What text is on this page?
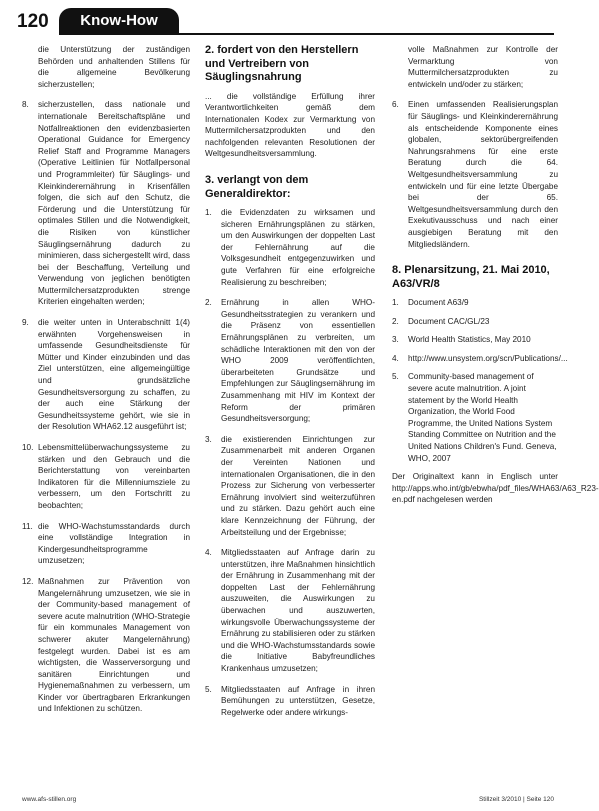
120	Know-How
die Unterstützung der zuständigen Behörden und anhaltenden Stillens für die allgemeine Bevölkerung sicherzustellen;
8. sicherzustellen, dass nationale und internationale Bereitschaftspläne und Notfallreaktionen den evidenzbasierten Operational Guidance for Emergency Relief Staff and Programme Managers (Operative Leitlinien für Notfallpersonal und Programmleiter) für Säuglings- und Kleinkinderernährung in Krisenfällen folgen, die sich auf den Schutz, die Förderung und die Unterstützung für optimales Stillen und die Notwendigkeit, die Risiken von künstlicher Säuglingsernährung dadurch zu minimieren, dass sichergestellt wird, dass bei der Beschaffung, Verteilung und Verwendung von jeglichen benötigten Muttermilchersatzprodukten strenge Kriterien eingehalten werden;
9. die weiter unten in Unterabschnitt 1(4) erwähnten Vorgehensweisen in umfassende Gesundheitsdienste für Mütter und Kinder einzubinden und das Ziel unterstützen, eine allgemeingültige und grundsätzliche Gesundheitsversorgung zu schaffen, zu der auch eine Stärkung der Gesundheitssysteme gehört, wie sie in der Resolution WHA62.12 ausgeführt ist;
10. Lebensmittelüberwachungssysteme zu stärken und den Gebrauch und die Berichterstattung von vereinbarten Indikatoren für die Millenniumsziele zu verbessern, um den Fortschritt zu beobachten;
11. die WHO-Wachstumsstandards durch eine vollständige Integration in Kindergesundheitsprogramme umzusetzen;
12. Maßnahmen zur Prävention von Mangelernährung umzusetzen, wie sie in der Community-based management of severe acute malnutrition (WHO-Strategie für ein kommunales Management von schwerer akuter Mangelernährung) festgelegt wurden. Dabei ist es am wichtigsten, die Wasserversorgung und sanitären Einrichtungen und Hygienemaßnahmen zu verbessern, um Kinder vor übertragbaren Erkrankungen und Infektionen zu schützen.
2. fordert von den Herstellern und Vertreibern von Säuglingsnahrung
... die vollständige Erfüllung ihrer Verantwortlichkeiten gemäß dem Internationalen Kodex zur Vermarktung von Muttermilchersatzprodukten und den nachfolgenden relevanten Resolutionen der Weltgesundheitsversammlung.
3. verlangt von dem Generaldirektor:
1. die Evidenzdaten zu wirksamen und sicheren Ernährungsplänen zu stärken, um den Auswirkungen der doppelten Last der Fehlernährung auf die Volksgesundheit entgegenzuwirken und gute Verfahren für eine erfolgreiche Realisierung zu beschreiben;
2. Ernährung in allen WHO-Gesundheitsstrategien zu verankern und die Präsenz von essentiellen Ernährungsplänen zu verbreiten, um schädliche Interaktionen mit den von der WHO 2009 veröffentlichten, überarbeiteten Grundsätze und Empfehlungen zur Säuglingsernährung im Zusammenhang mit HIV im Kontext der Reform der primären Gesundheitsversorgung;
3. die existierenden Einrichtungen zur Zusammenarbeit mit anderen Organen der Vereinten Nationen und internationalen Organisationen, die in den Prozess zur Sicherung von verbesserter Ernährung involviert sind weiterzuführen und zu stärken. Dazu gehört auch eine klare Kennzeichnung der Führung, der Arbeitsteilung und der Ergebnisse;
4. Mitgliedsstaaten auf Anfrage darin zu unterstützen, ihre Maßnahmen hinsichtlich der Ernährung in Zusammenhang mit der doppelten Last der Fehlernährung auszuweiten, die Auswirkungen zu überwachen und auszuwerten, wirkungsvolle Überwachungssysteme der Ernährung zu stabilisieren oder zu stärken und die WHO-Wachstumsstandards sowie die Initiative Babyfreundliches Krankenhaus umzusetzen;
5. Mitgliedsstaaten auf Anfrage in ihren Bemühungen zu unterstützen, Gesetze, Regelwerke oder andere wirkungs-
volle Maßnahmen zur Kontrolle der Vermarktung von Muttermilchersatzprodukten zu entwickeln und/oder zu stärken;
6. Einen umfassenden Realisierungsplan für Säuglings- und Kleinkinderernährung als entscheidende Komponente eines globalen, sektorübergreifenden Nahrungsrahmens für eine erste Beratung durch die 64. Weltgesundheitsversammlung zu entwickeln und für eine letzte Übergabe bei der 65. Weltgesundheitsversammlung durch den Exekutivausschuss und nach einer ausgiebigen Beratung mit den Mitgliedsländern.
8. Plenarsitzung, 21. Mai 2010, A63/VR/8
1. Document A63/9
2. Document CAC/GL/23
3. World Health Statistics, May 2010
4. http://www.unsystem.org/scn/Publications/...
5. Community-based management of severe acute malnutrition. A joint statement by the World Health Organization, the World Food Programme, the United Nations System Standing Committee on Nutrition and the United Nations Children's Fund. Geneva, WHO, 2007
Der Originaltext kann in Englisch unter http://apps.who.int/gb/ebwha/pdf_files/WHA63/A63_R23-en.pdf nachgelesen werden
www.afs-stillen.org	Stillzeit 3/2010 | Seite 120
